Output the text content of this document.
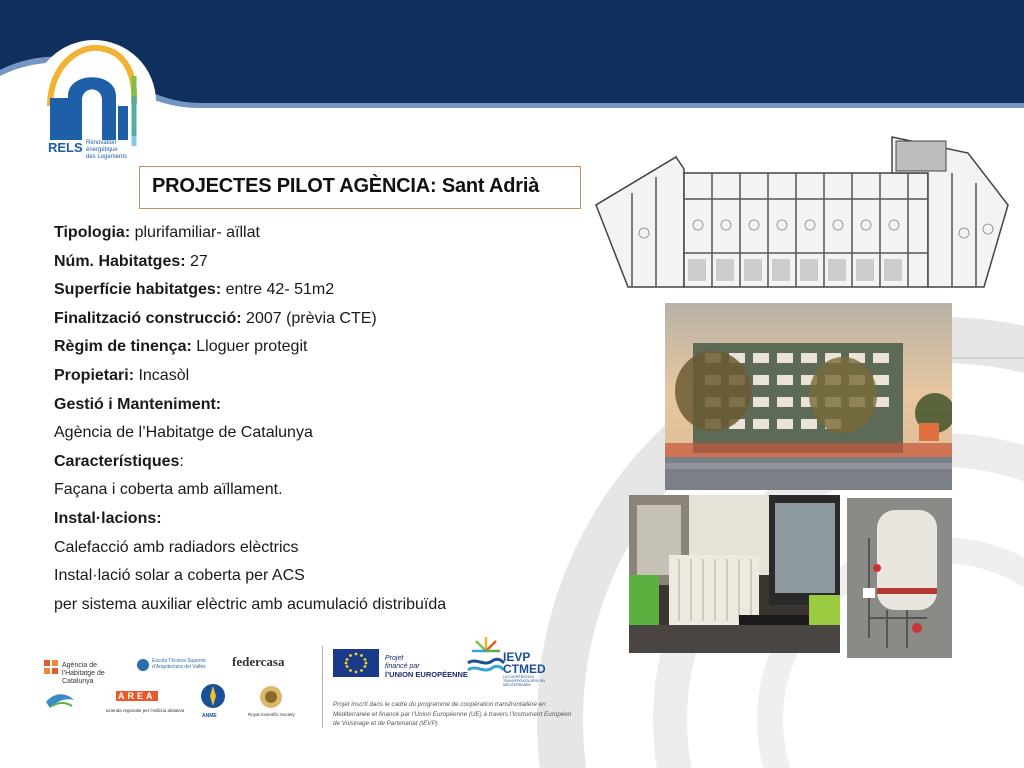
RELS Rénovation
énergétique
des Logements
PROJECTES PILOT AGÈNCIA: Sant Adrià
Tipologia: plurifamiliar- aïllat
Núm. Habitatges: 27
Superfície habitatges: entre 42- 51m2
Finalització construcció: 2007 (prèvia CTE)
Règim de tinença: Lloguer protegit
Propietari: Incasòl
Gestió i Manteniment:
Agència de l’Habitatge de Catalunya
Característiques:
Façana i coberta amb aïllament.
Instal·lacions:
Calefacció amb radiadors elèctrics
Instal·lació solar a coberta per ACS
per sistema auxiliar elèctric amb acumulació distribuïda
Agència de l’Habitatge de Catalunya
Escola Tècnica Superior d’Arquitectura del Vallès	federcasa
AREA
azienda regionale per l’edilizia abitativa
ANME	Royal Scientific Society
Projet
financé par
l’UNION EUROPÉENNE
IEVP
CTMED
LA COOPÉRATION TRANSFRONTALIÈRE EN MÉDITERRANÉE
Projet inscrit dans le cadre du programme de coopération transfrontalière en Méditerranée et financé par l’Union Européenne (UE) à travers l’Instrument Européen de Voisinage et de Partenariat (IEVP)
